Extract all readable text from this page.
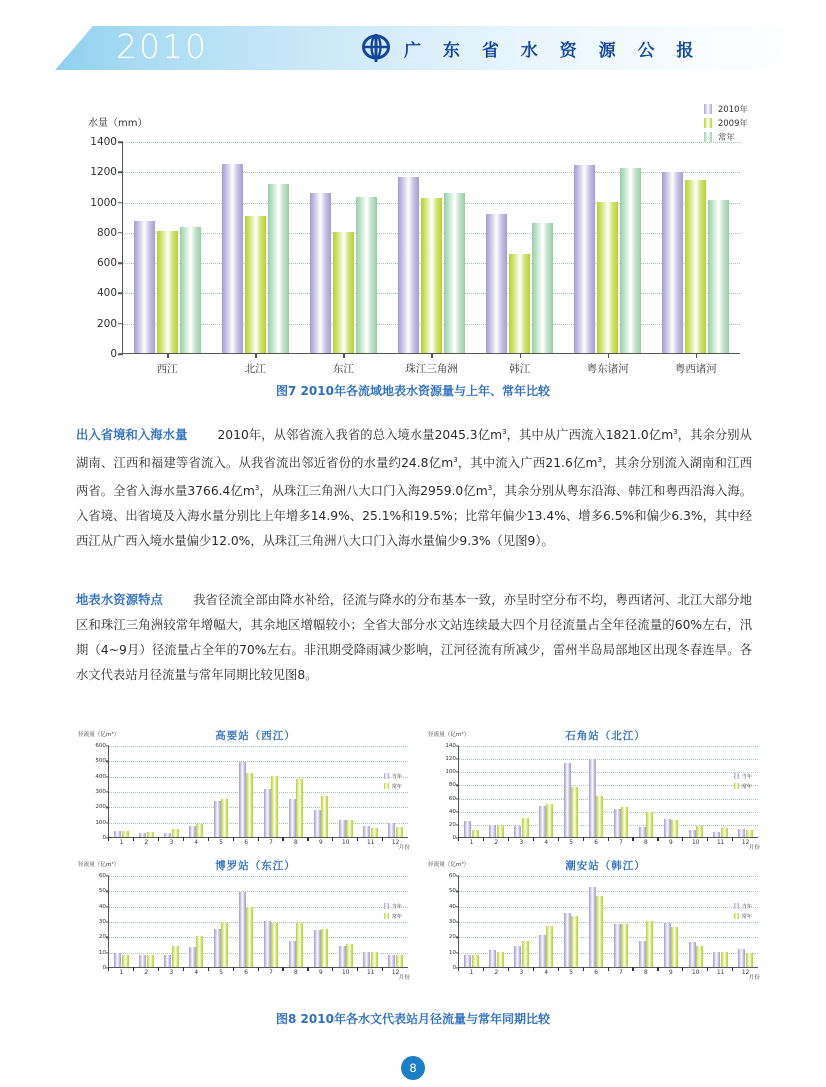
2010	广 东 省 水 资 源 公 报
水量（mm）
2010年
2009年
常年
0
200
400
600
800
1000
1200
1400
西江	北江	东江	珠江三角洲	韩江	粤东诸河	粤西诸河
图7 2010年各流域地表水资源量与上年、常年比较
出入省境和入海水量 2010年，从邻省流入我省的总入境水量2045.3亿$m^3$，其中从广西流入1821.0亿$m^3$，其余分别从湖南、江西和福建等省流入。从我省流出邻近省份的水量约24.8亿$m^3$，其中流入广西21.6亿$m^3$，其余分别流入湖南和江西两省。全省入海水量3766.4亿$m^3$，从珠江三角洲八大口门入海2959.0亿$m^3$，其余分别从粤东沿海、韩江和粤西沿海入海。入省境、出省境及入海水量分别比上年增多14.9%、25.1%和19.5%；比常年偏少13.4%、增多6.5%和偏少6.3%，其中经西江从广西入境水量偏少12.0%，从珠江三角洲八大口门入海水量偏少9.3%（见图9）。
地表水资源特点 我省径流全部由降水补给，径流与降水的分布基本一致，亦呈时空分布不均，粤西诸河、北江大部分地区和珠江三角洲较常年增幅大，其余地区增幅较小；全省大部分水文站连续最大四个月径流量占全年径流量的60%左右，汛期（4~9月）径流量占全年的70%左右。非汛期受降雨减少影响，江河径流有所减少，雷州半岛局部地区出现冬春连旱。各水文代表站月径流量与常年同期比较见图8。
高要站（西江）
径流量（亿m³）
月份
0
100
200
300
400
500
600
1	2	3	4	5	6	7	8	9	10	11	12
当年
常年
石角站（北江）
径流量（亿m³）
月份
0
20
40
60
80
100
120
140
1	2	3	4	5	6	7	8	9	10	11	12
当年
常年
博罗站（东江）
径流量（亿m³）
月份
0
10
20
30
40
50
60
1	2	3	4	5	6	7	8	9	10	11	12
当年
常年
潮安站（韩江）
径流量（亿m³）
月份
0
10
20
30
40
50
60
1	2	3	4	5	6	7	8	9	10	11	12
当年
常年
图8 2010年各水文代表站月径流量与常年同期比较
8
